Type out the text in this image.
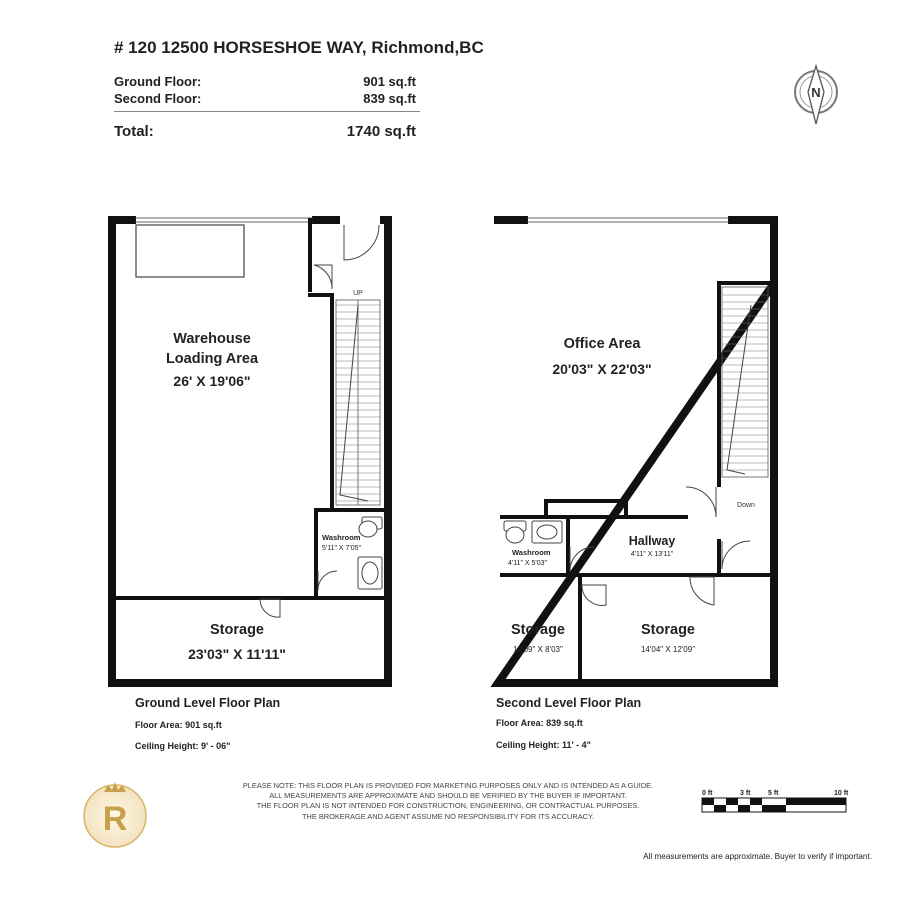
# 120 12500 HORSESHOE WAY, Richmond,BC
Ground Floor:	901 sq.ft
Second Floor:	839 sq.ft
Total:	1740 sq.ft
N
UP
Warehouse
Loading Area
26' X 19'06"
Washroom
5'11" X 7'05"
Storage
23'03" X 11'11"
Down
Office Area
20'03" X 22'03"
Hallway
4'11" X 13'11"
Washroom
4'11" X 5'03"
Storage
12'09" X 8'03"
Storage
14'04" X 12'09"
Ground Level Floor Plan
Floor Area: 901 sq.ft
Ceiling Height: 9' - 06"
Second Level Floor Plan
Floor Area: 839 sq.ft
Ceiling Height: 11' - 4"
R
PLEASE NOTE: THIS FLOOR PLAN IS PROVIDED FOR MARKETING PURPOSES ONLY AND IS INTENDED AS A GUIDE.
ALL MEASUREMENTS ARE APPROXIMATE AND SHOULD BE VERIFIED BY THE BUYER IF IMPORTANT.
THE FLOOR PLAN IS NOT INTENDED FOR CONSTRUCTION, ENGINEERING, OR CONTRACTUAL PURPOSES.
THE BROKERAGE AND AGENT ASSUME NO RESPONSIBILITY FOR ITS ACCURACY.
0 ft	3 ft	5 ft	10 ft
All measurements are approximate. Buyer to verify if important.
